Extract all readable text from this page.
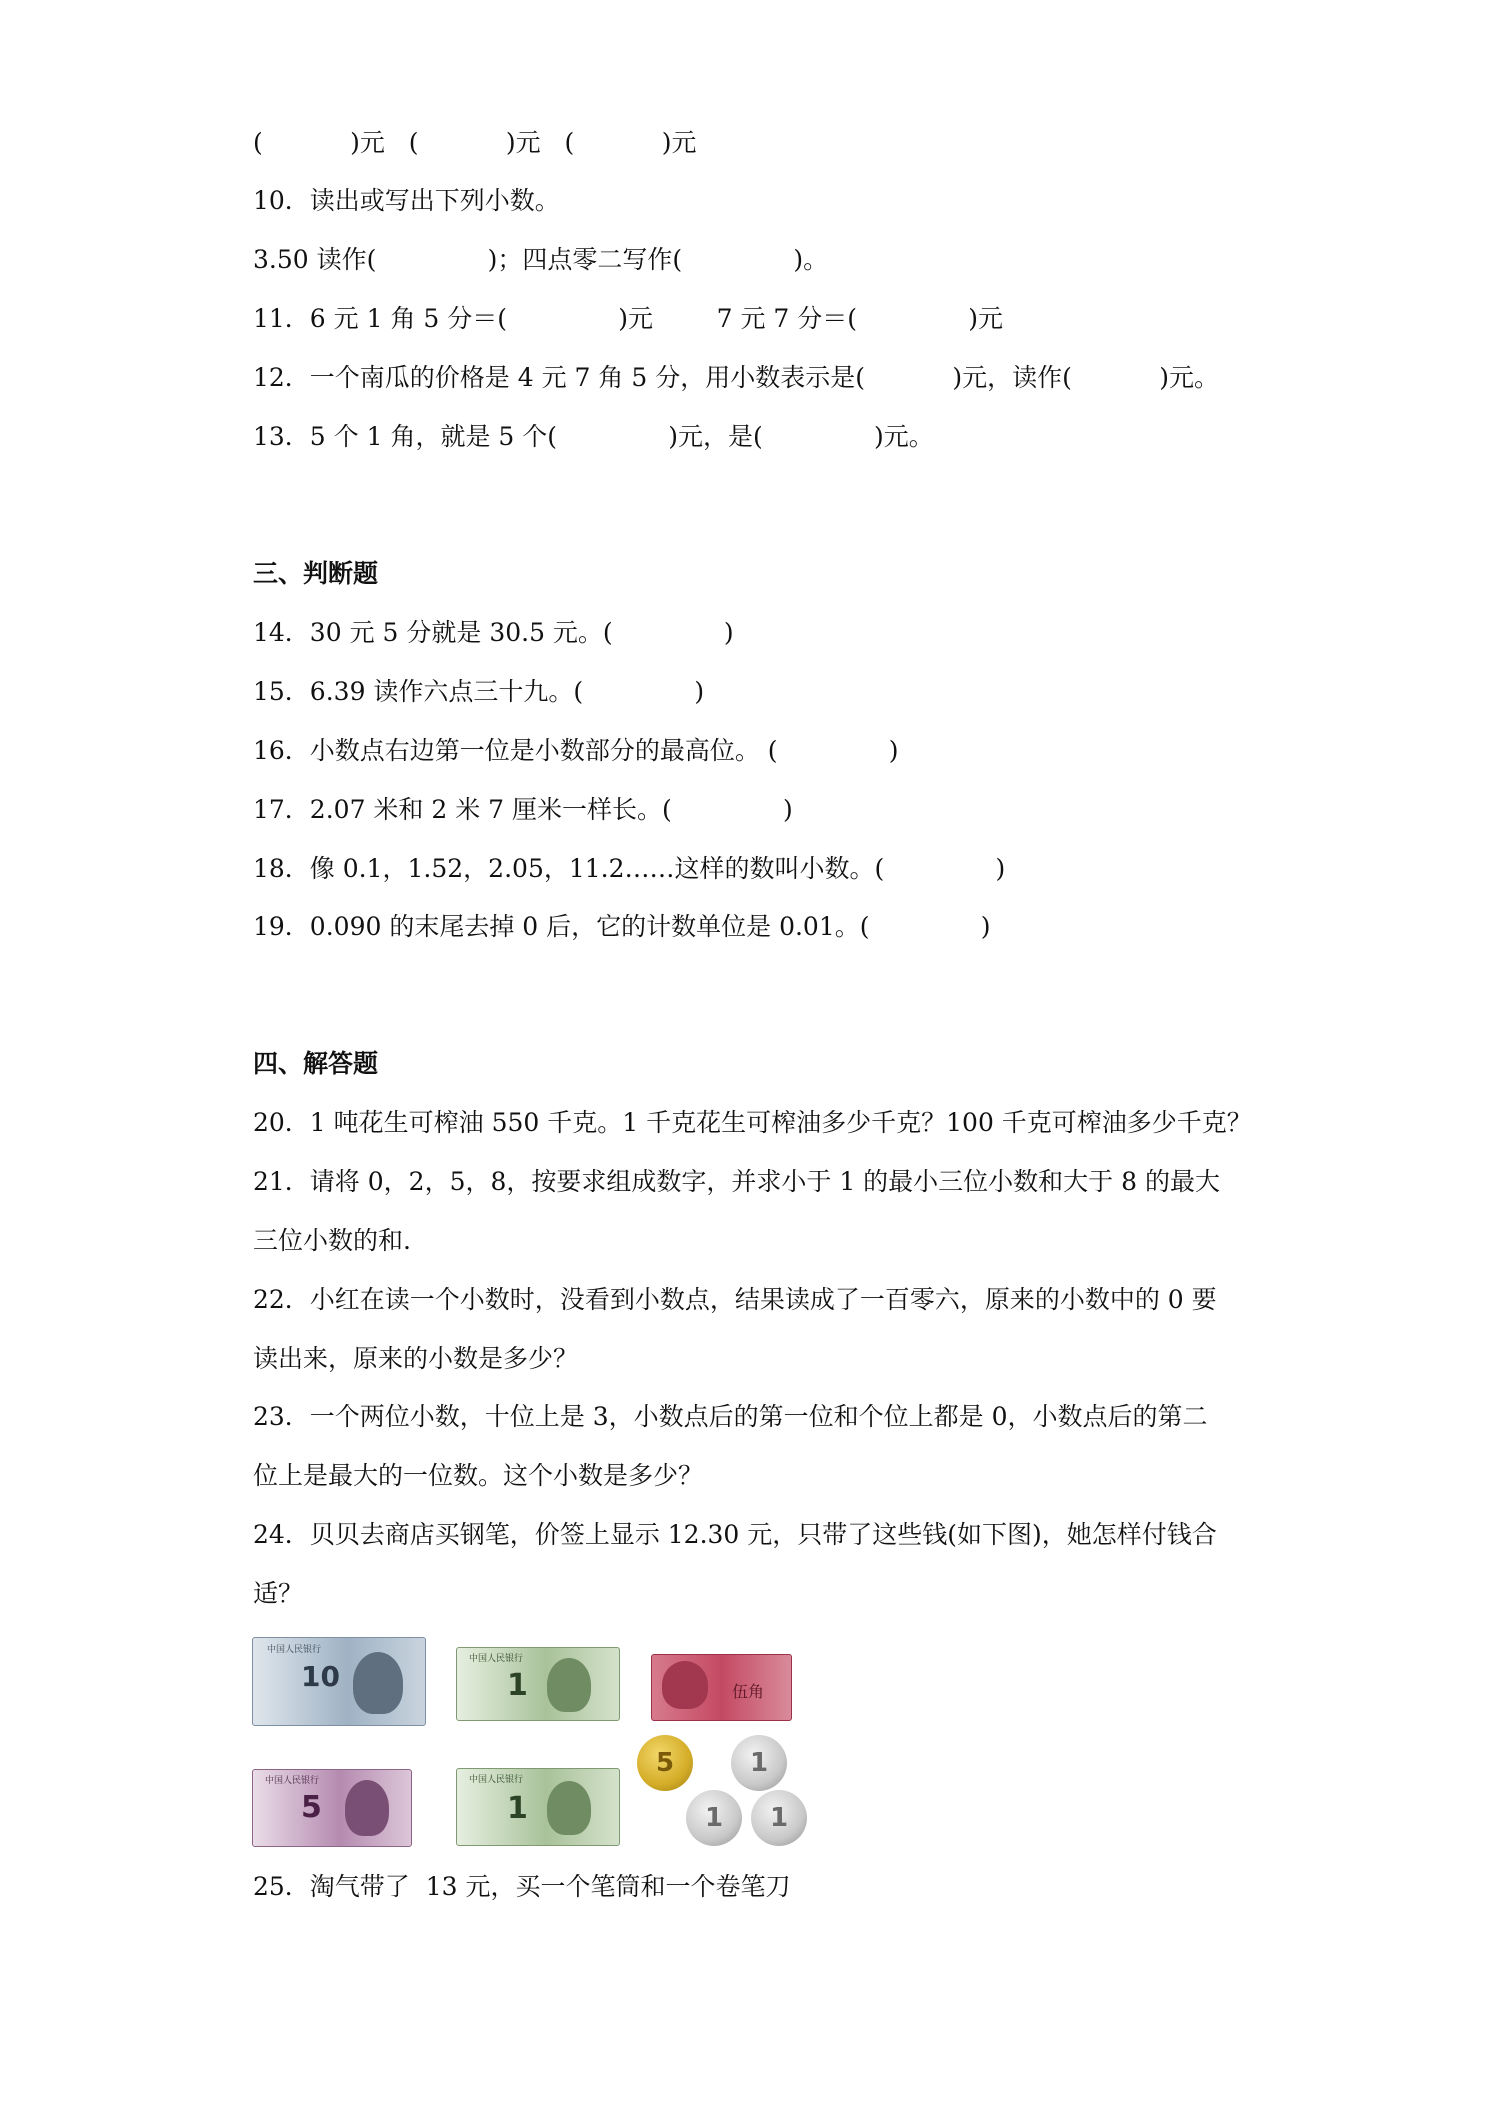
(           )元   (           )元   (           )元
10．读出或写出下列小数。
3.50 读作(              )；四点零二写作(              )。
11．6 元 1 角 5 分＝(              )元        7 元 7 分＝(              )元
12．一个南瓜的价格是 4 元 7 角 5 分，用小数表示是(           )元，读作(           )元。
13．5 个 1 角，就是 5 个(              )元，是(              )元。
三、判断题
14．30 元 5 分就是 30.5 元。(              )
15．6.39 读作六点三十九。(              )
16．小数点右边第一位是小数部分的最高位。 (              )
17．2.07 米和 2 米 7 厘米一样长。(              )
18．像 0.1，1.52，2.05，11.2……这样的数叫小数。(              )
19．0.090 的末尾去掉 0 后，它的计数单位是 0.01。(              )
四、解答题
20．1 吨花生可榨油 550 千克。1 千克花生可榨油多少千克？100 千克可榨油多少千克？
21．请将 0，2，5，8，按要求组成数字，并求小于 1 的最小三位小数和大于 8 的最大
三位小数的和.
22．小红在读一个小数时，没看到小数点，结果读成了一百零六，原来的小数中的 0 要
读出来，原来的小数是多少？
23．一个两位小数，十位上是 3，小数点后的第一位和个位上都是 0，小数点后的第二
位上是最大的一位数。这个小数是多少？
24．贝贝去商店买钢笔，价签上显示 12.30 元，只带了这些钱(如下图)，她怎样付钱合
适？
中国人民银行
10
中国人民银行
1	伍角
中国人民银行
5
中国人民银行
1
5	1
1 1
25．淘气带了  13 元，买一个笔筒和一个卷笔刀
